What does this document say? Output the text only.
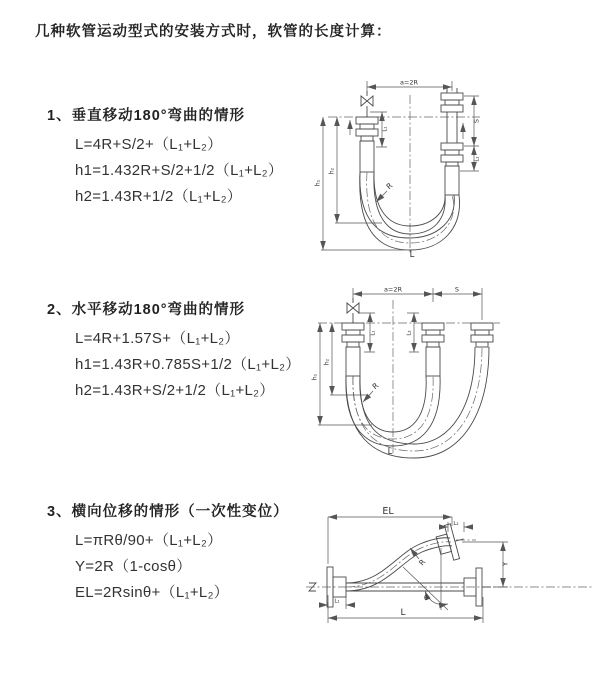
几种软管运动型式的安装方式时，软管的长度计算：
1、垂直移动180°弯曲的情形
L=4R+S/2+（L₁+L₂）
h1=1.432R+S/2+1/2（L₁+L₂）
h2=1.43R+1/2（L₁+L₂）
2、水平移动180°弯曲的情形
L=4R+1.57S+（L₁+L₂）
h1=1.43R+0.785S+1/2（L₁+L₂）
h2=1.43R+S/2+1/2（L₁+L₂）
3、横向位移的情形（一次性变位）
L=πRθ/90+（L₁+L₂）
Y=2R（1-cosθ）
EL=2Rsinθ+（L₁+L₂）
a=2R
S
L₂
h₁
h₂
L₁
R
L
a=2R	S
h₁
h₂
L₁	L₂
R
L
EL
L₂
Y
L
L₁
R
θ
